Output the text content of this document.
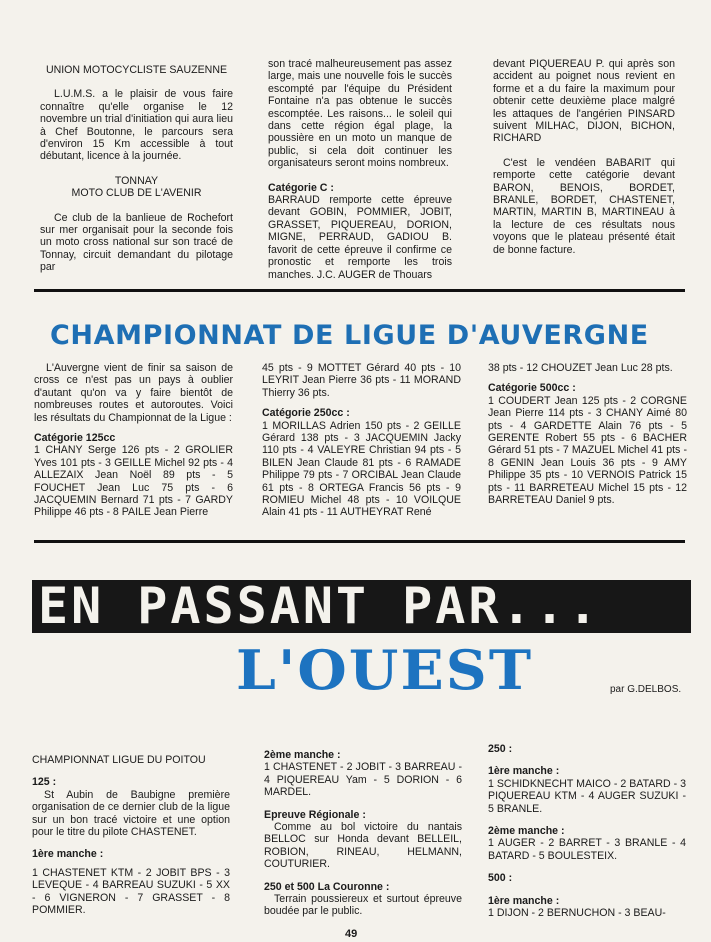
UNION MOTOCYCLISTE SAUZENNE

L.U.M.S. a le plaisir de vous faire connaître qu'elle organise le 12 novembre un trial d'initiation qui aura lieu à Chef Boutonne, le parcours sera d'environ 15 Km accessible à tout débutant, licence à la journée.

TONNAY

MOTO CLUB DE L'AVENIR

Ce club de la banlieue de Rochefort sur mer organisait pour la seconde fois un moto cross national sur son tracé de Tonnay, circuit demandant du pilotage par

son tracé malheureusement pas assez large, mais une nouvelle fois le succès escompté par l'équipe du Président Fontaine n'a pas obtenue le succès escomptée. Les raisons... le soleil qui dans cette région égal plage, la poussière en un moto un manque de public, si cela doit continuer les organisateurs seront moins nombreux.

Catégorie C :

BARRAUD remporte cette épreuve devant GOBIN, POMMIER, JOBIT, GRASSET, PIQUEREAU, DORION, MIGNE, PERRAUD, GADIOU B. favorit de cette épreuve il confirme ce pronostic et remporte les trois manches. J.C. AUGER de Thouars

devant PIQUEREAU P. qui après son accident au poignet nous revient en forme et a du faire la maximum pour obtenir cette deuxième place malgré les attaques de l'angérien PINSARD suivent MILHAC, DIJON, BICHON, RICHARD

C'est le vendéen BABARIT qui remporte cette catégorie devant BARON, BENOIS, BORDET, BRANLE, BORDET, CHASTENET, MARTIN, MARTIN B, MARTINEAU à la lecture de ces résultats nous voyons que le plateau présenté était de bonne facture.

CHAMPIONNAT DE LIGUE D'AUVERGNE

L'Auvergne vient de finir sa saison de cross ce n'est pas un pays à oublier d'autant qu'on va y faire bientôt de nombreuses routes et autoroutes. Voici les résultats du Championnat de la Ligue :

Catégorie 125cc

1 CHANY Serge 126 pts - 2 GROLIER Yves 101 pts - 3 GEILLE Michel 92 pts - 4 ALLEZAIX Jean Noël 89 pts - 5 FOUCHET Jean Luc 75 pts - 6 JACQUEMIN Bernard 71 pts - 7 GARDY Philippe 46 pts - 8 PAILE Jean Pierre

45 pts - 9 MOTTET Gérard 40 pts - 10 LEYRIT Jean Pierre 36 pts - 11 MORAND Thierry 36 pts.

Catégorie 250cc :

1 MORILLAS Adrien 150 pts - 2 GEILLE Gérard 138 pts - 3 JACQUEMIN Jacky 110 pts - 4 VALEYRE Christian 94 pts - 5 BILEN Jean Claude 81 pts - 6 RAMADE Philippe 79 pts - 7 ORCIBAL Jean Claude 61 pts - 8 ORTEGA Francis 56 pts - 9 ROMIEU Michel 48 pts - 10 VOILQUE Alain 41 pts - 11 AUTHEYRAT René

38 pts - 12 CHOUZET Jean Luc 28 pts.

Catégorie 500cc :

1 COUDERT Jean 125 pts - 2 CORGNE Jean Pierre 114 pts - 3 CHANY Aimé 80 pts - 4 GARDETTE Alain 76 pts - 5 GERENTE Robert 55 pts - 6 BACHER Gérard 51 pts - 7 MAZUEL Michel 41 pts - 8 GENIN Jean Louis 36 pts - 9 AMY Philippe 35 pts - 10 VERNOIS Patrick 15 pts - 11 BARRETEAU Michel 15 pts - 12 BARRETEAU Daniel 9 pts.

EN PASSANT PAR...
L'OUEST	par G.DELBOS.

CHAMPIONNAT LIGUE DU POITOU

125 :

St Aubin de Baubigne première organisation de ce dernier club de la ligue sur un bon tracé victoire et une option pour le titre du pilote CHASTENET.

1ère manche :

1 CHASTENET KTM - 2 JOBIT BPS - 3 LEVEQUE - 4 BARREAU SUZUKI - 5 XX - 6 VIGNERON - 7 GRASSET - 8 POMMIER.

2ème manche :

1 CHASTENET - 2 JOBIT - 3 BARREAU - 4 PIQUEREAU Yam - 5 DORION - 6 MARDEL.

Epreuve Régionale :

Comme au bol victoire du nantais BELLOC sur Honda devant BELLEIL, ROBION, RINEAU, HELMANN, COUTURIER.

250 et 500 La Couronne :

Terrain poussiereux et surtout épreuve boudée par le public.

250 :

1ère manche :

1 SCHIDKNECHT MAICO - 2 BATARD - 3 PIQUEREAU KTM - 4 AUGER SUZUKI - 5 BRANLE.

2ème manche :

1 AUGER - 2 BARRET - 3 BRANLE - 4 BATARD - 5 BOULESTEIX.

500 :

1ère manche :

1 DIJON - 2 BERNUCHON - 3 BEAU-

49
